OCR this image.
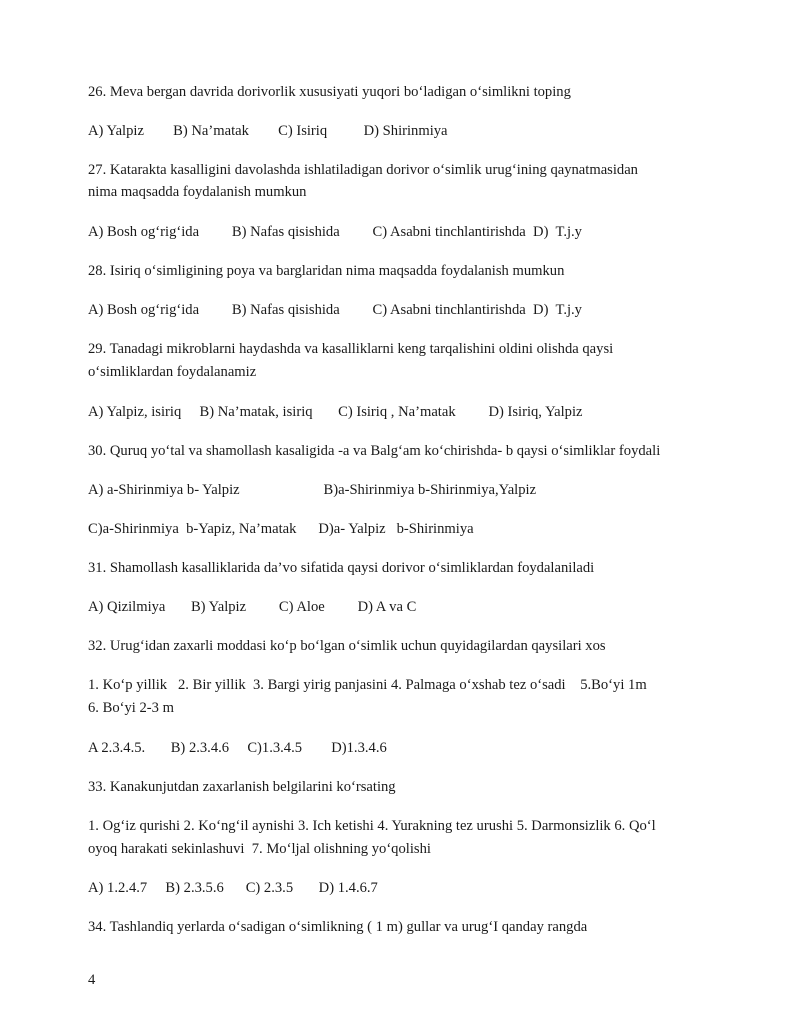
26. Meva bergan davrida dorivorlik xususiyati yuqori bo‘ladigan o‘simlikni toping
A) Yalpiz        B) Na’matak        C) Isiriq          D) Shirinmiya
27. Katarakta kasalligini davolashda ishlatiladigan dorivor o‘simlik urug‘ining qaynatmasidan
nima maqsadda foydalanish mumkun
A) Bosh og‘rig‘ida         B) Nafas qisishida         C) Asabni tinchlantirishda  D)  T.j.y
28. Isiriq o‘simligining poya va barglaridan nima maqsadda foydalanish mumkun
A) Bosh og‘rig‘ida         B) Nafas qisishida         C) Asabni tinchlantirishda  D)  T.j.y
29. Tanadagi mikroblarni haydashda va kasalliklarni keng tarqalishini oldini olishda qaysi
o‘simliklardan foydalanamiz
A) Yalpiz, isiriq     B) Na’matak, isiriq       C) Isiriq , Na’matak         D) Isiriq, Yalpiz
30. Quruq yo‘tal va shamollash kasaligida -a va Balg‘am ko‘chirishda- b qaysi o‘simliklar foydali
A) a-Shirinmiya b- Yalpiz                       B)a-Shirinmiya b-Shirinmiya,Yalpiz
C)a-Shirinmiya  b-Yapiz, Na’matak      D)a- Yalpiz   b-Shirinmiya
31. Shamollash kasalliklarida da’vo sifatida qaysi dorivor o‘simliklardan foydalaniladi
A) Qizilmiya       B) Yalpiz         C) Aloe         D) A va C
32. Urug‘idan zaxarli moddasi ko‘p bo‘lgan o‘simlik uchun quyidagilardan qaysilari xos
1. Ko‘p yillik   2. Bir yillik  3. Bargi yirig panjasini 4. Palmaga o‘xshab tez o‘sadi    5.Bo‘yi 1m
6. Bo‘yi 2-3 m
A 2.3.4.5.       B) 2.3.4.6     C)1.3.4.5        D)1.3.4.6
33. Kanakunjutdan zaxarlanish belgilarini ko‘rsating
1. Og‘iz qurishi 2. Ko‘ng‘il aynishi 3. Ich ketishi 4. Yurakning tez urushi 5. Darmonsizlik 6. Qo‘l
oyoq harakati sekinlashuvi  7. Mo‘ljal olishning yo‘qolishi
A) 1.2.4.7     B) 2.3.5.6      C) 2.3.5       D) 1.4.6.7
34. Tashlandiq yerlarda o‘sadigan o‘simlikning ( 1 m) gullar va urug‘I qanday rangda
4
